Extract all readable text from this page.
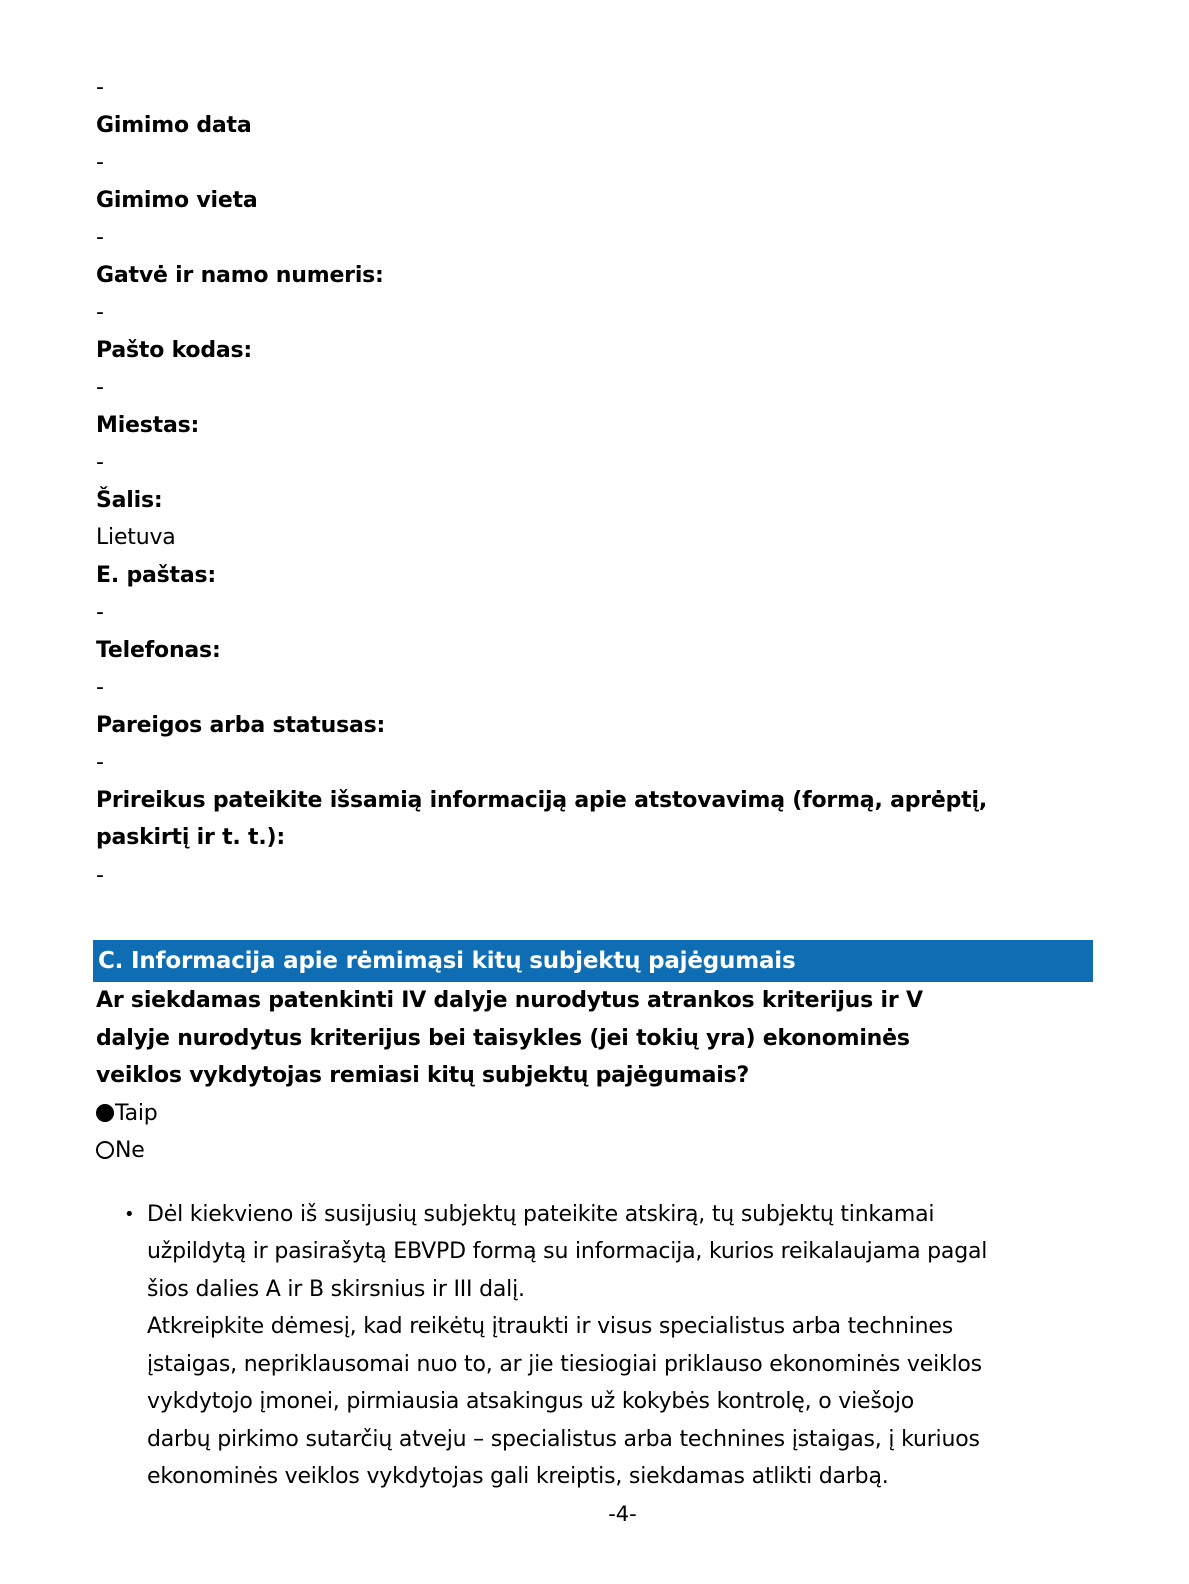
-
Gimimo data
-
Gimimo vieta
-
Gatvė ir namo numeris:
-
Pašto kodas:
-
Miestas:
-
Šalis:
Lietuva
E. paštas:
-
Telefonas:
-
Pareigos arba statusas:
-
Prireikus pateikite išsamią informaciją apie atstovavimą (formą, aprėptį,
paskirtį ir t. t.):
-
C. Informacija apie rėmimąsi kitų subjektų pajėgumais
Ar siekdamas patenkinti IV dalyje nurodytus atrankos kriterijus ir V
dalyje nurodytus kriterijus bei taisykles (jei tokių yra) ekonominės
veiklos vykdytojas remiasi kitų subjektų pajėgumais?
Taip
Ne
• Dėl kiekvieno iš susijusių subjektų pateikite atskirą, tų subjektų tinkamai
užpildytą ir pasirašytą EBVPD formą su informacija, kurios reikalaujama pagal
šios dalies A ir B skirsnius ir III dalį.
Atkreipkite dėmesį, kad reikėtų įtraukti ir visus specialistus arba technines
įstaigas, nepriklausomai nuo to, ar jie tiesiogiai priklauso ekonominės veiklos
vykdytojo įmonei, pirmiausia atsakingus už kokybės kontrolę, o viešojo
darbų pirkimo sutarčių atveju – specialistus arba technines įstaigas, į kuriuos
ekonominės veiklos vykdytojas gali kreiptis, siekdamas atlikti darbą.
-4-
